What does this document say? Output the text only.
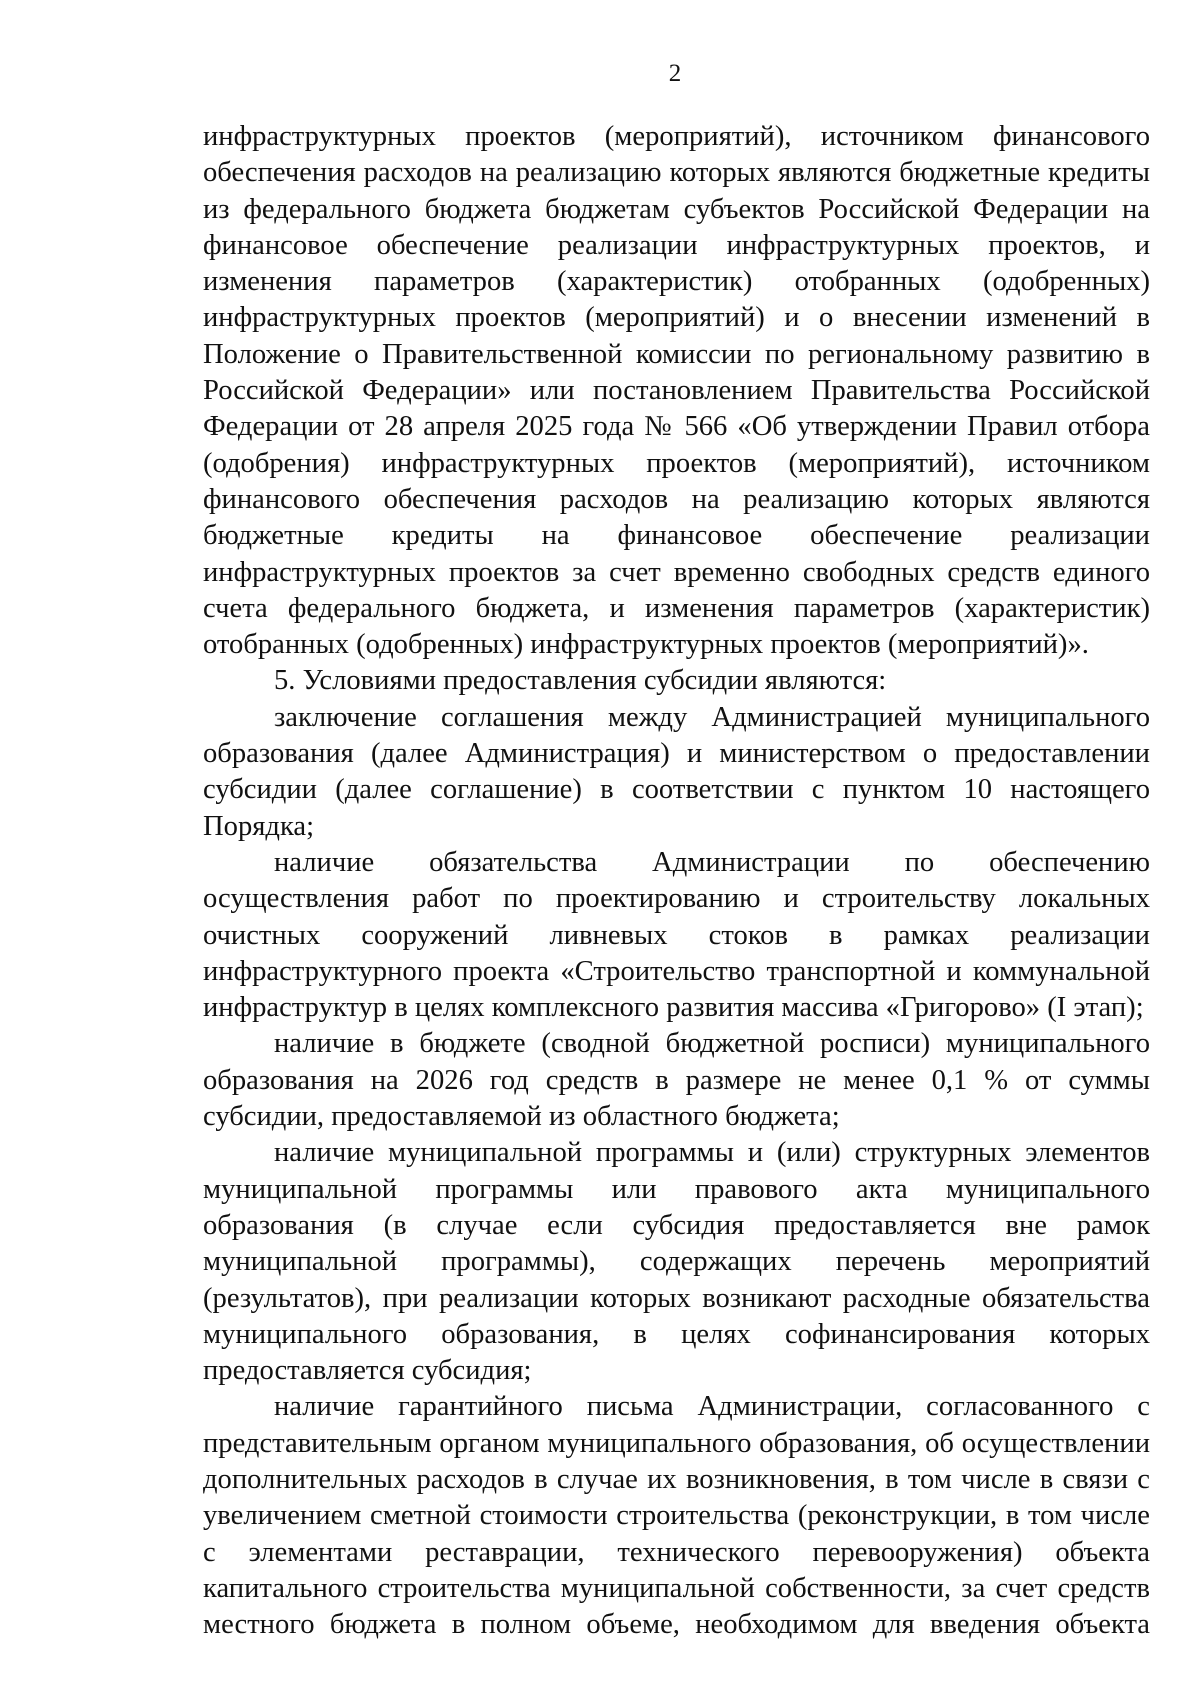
2

инфраструктурных проектов (мероприятий), источником финансового обеспечения расходов на реализацию которых являются бюджетные кредиты из федерального бюджета бюджетам субъектов Российской Федерации на финансовое обеспечение реализации инфраструктурных проектов, и изменения параметров (характеристик) отобранных (одобренных) инфраструктурных проектов (мероприятий) и о внесении изменений в Положение о Правительственной комиссии по региональному развитию в Российской Федерации» или постановлением Правительства Российской Федерации от 28 апреля 2025 года № 566 «Об утверждении Правил отбора (одобрения) инфраструктурных проектов (мероприятий), источником финансового обеспечения расходов на реализацию которых являются бюджетные кредиты на финансовое обеспечение реализации инфраструктурных проектов за счет временно свободных средств единого счета федерального бюджета, и изменения параметров (характеристик) отобранных (одобренных) инфраструктурных проектов (мероприятий)».

5. Условиями предоставления субсидии являются:

заключение соглашения между Администрацией муниципального образования (далее Администрация) и министерством о предоставлении субсидии (далее соглашение) в соответствии с пунктом 10 настоящего Порядка;

наличие обязательства Администрации по обеспечению осуществления работ по проектированию и строительству локальных очистных сооружений ливневых стоков в рамках реализации инфраструктурного проекта «Строительство транспортной и коммунальной инфраструктур в целях комплексного развития массива «Григорово» (I этап);

наличие в бюджете (сводной бюджетной росписи) муниципального образования на 2026 год средств в размере не менее 0,1 % от суммы субсидии, предоставляемой из областного бюджета;

наличие муниципальной программы и (или) структурных элементов муниципальной программы или правового акта муниципального образования (в случае если субсидия предоставляется вне рамок муниципальной программы), содержащих перечень мероприятий (результатов), при реализации которых возникают расходные обязательства муниципального образования, в целях софинансирования которых предоставляется субсидия;

наличие гарантийного письма Администрации, согласованного с представительным органом муниципального образования, об осуществлении дополнительных расходов в случае их возникновения, в том числе в связи с увеличением сметной стоимости строительства (реконструкции, в том числе с элементами реставрации, технического перевооружения) объекта капитального строительства муниципальной собственности, за счет средств местного бюджета в полном объеме, необходимом для введения объекта
